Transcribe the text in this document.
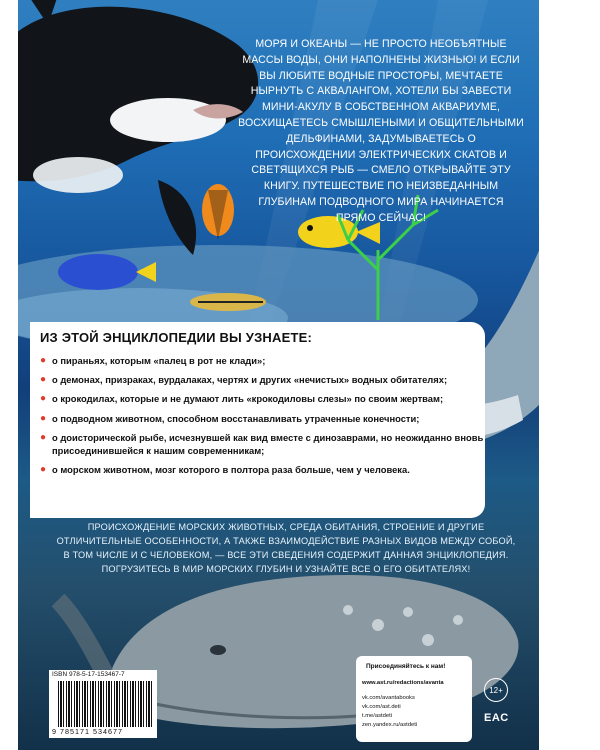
МОРЯ И ОКЕАНЫ — НЕ ПРОСТО НЕОБЪЯТНЫЕ МАССЫ ВОДЫ, ОНИ НАПОЛНЕНЫ ЖИЗНЬЮ! И ЕСЛИ ВЫ ЛЮБИТЕ ВОДНЫЕ ПРОСТОРЫ, МЕЧТАЕТЕ НЫРНУТЬ С АКВАЛАНГОМ, ХОТЕЛИ БЫ ЗАВЕСТИ МИНИ-АКУЛУ В СОБСТВЕННОМ АКВАРИУМЕ, ВОСХИЩАЕТЕСЬ СМЫШЛЕНЫМИ И ОБЩИТЕЛЬНЫМИ ДЕЛЬФИНАМИ, ЗАДУМЫВАЕТЕСЬ О ПРОИСХОЖДЕНИИ ЭЛЕКТРИЧЕСКИХ СКАТОВ И СВЕТЯЩИХСЯ РЫБ — СМЕЛО ОТКРЫВАЙТЕ ЭТУ КНИГУ. ПУТЕШЕСТВИЕ ПО НЕИЗВЕДАННЫМ ГЛУБИНАМ ПОДВОДНОГО МИРА НАЧИНАЕТСЯ ПРЯМО СЕЙЧАС!
ИЗ ЭТОЙ ЭНЦИКЛОПЕДИИ ВЫ УЗНАЕТЕ:
● о пираньях, которым «палец в рот не клади»;
● о демонах, призраках, вурдалаках, чертях и других «нечистых» водных обитателях;
● о крокодилах, которые и не думают лить «крокодиловы слезы» по своим жертвам;
● о подводном животном, способном восстанавливать утраченные конечности;
● о доисторической рыбе, исчезнувшей как вид вместе с динозаврами, но неожиданно вновь присоединившейся к нашим современникам;
● о морском животном, мозг которого в полтора раза больше, чем у человека.
ПРОИСХОЖДЕНИЕ МОРСКИХ ЖИВОТНЫХ, СРЕДА ОБИТАНИЯ, СТРОЕНИЕ И ДРУГИЕ ОТЛИЧИТЕЛЬНЫЕ ОСОБЕННОСТИ, А ТАКЖЕ ВЗАИМОДЕЙСТВИЕ РАЗНЫХ ВИДОВ МЕЖДУ СОБОЙ, В ТОМ ЧИСЛЕ И С ЧЕЛОВЕКОМ, — ВСЕ ЭТИ СВЕДЕНИЯ СОДЕРЖИТ ДАННАЯ ЭНЦИКЛОПЕДИЯ. ПОГРУЗИТЕСЬ В МИР МОРСКИХ ГЛУБИН И УЗНАЙТЕ ВСЕ О ЕГО ОБИТАТЕЛЯХ!
ISBN 978-5-17-153467-7
9 785171 534677
Присоединяйтесь к нам!
www.ast.ru/redactions/avanta
vk.com/avantabooks
vk.com/ast.deti
t.me/astdeti
zen.yandex.ru/astdeti
12+
EAC
